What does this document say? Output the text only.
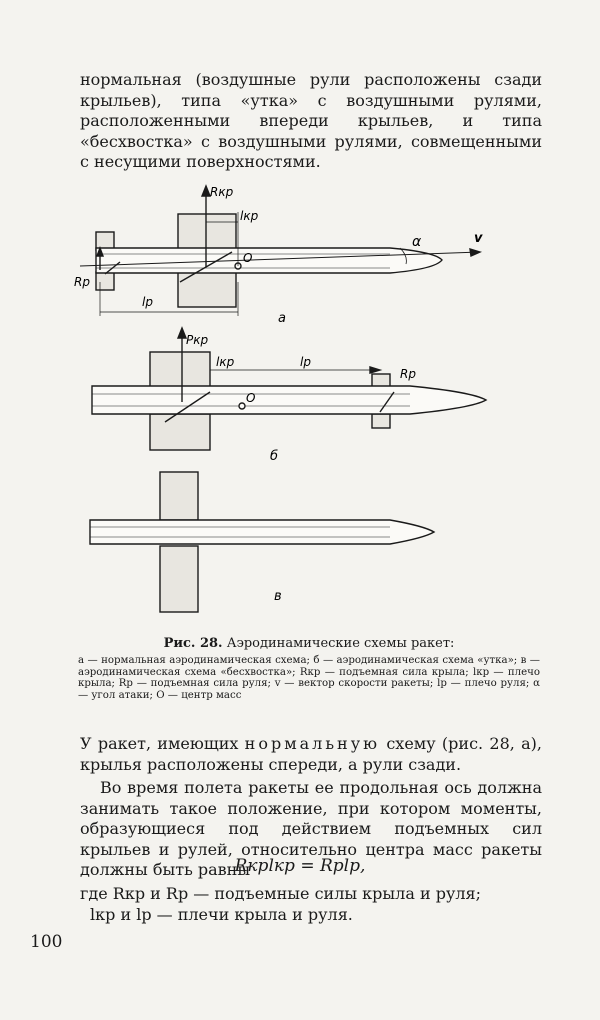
нормальная (воздушные рули расположены сзади крыльев), типа «утка» с воздушными рулями, расположенными впереди крыльев, и типа «бесхвостка» с воздушными рулями, совмещенными с несущими поверхностями.

Rкр
lкр
α	v
O
Rр
lр
а
Pкр
lкр	lр
Rр
O
б
в
Рис. 28. Аэродинамические схемы ракет:
а — нормальная аэродинамическая схема; б — аэродинамическая схема «утка»; в — аэродинамическая схема «бесхвостка»; Rкр — подъемная сила крыла; lкр — плечо крыла; Rр — подъемная сила руля; v — вектор скорости ракеты; lр — плечо руля; α — угол атаки; О — центр масс

У ракет, имеющих нормальную схему (рис. 28, а), крылья расположены спереди, а рули сзади.

Во время полета ракеты ее продольная ось должна занимать такое положение, при котором моменты, образующиеся под действием подъемных сил крыльев и рулей, относительно центра масс ракеты должны быть равны

Rкрlкр = Rрlр,

где Rкр и Rр — подъемные силы крыла и руля;

lкр и lр — плечи крыла и руля.

100
